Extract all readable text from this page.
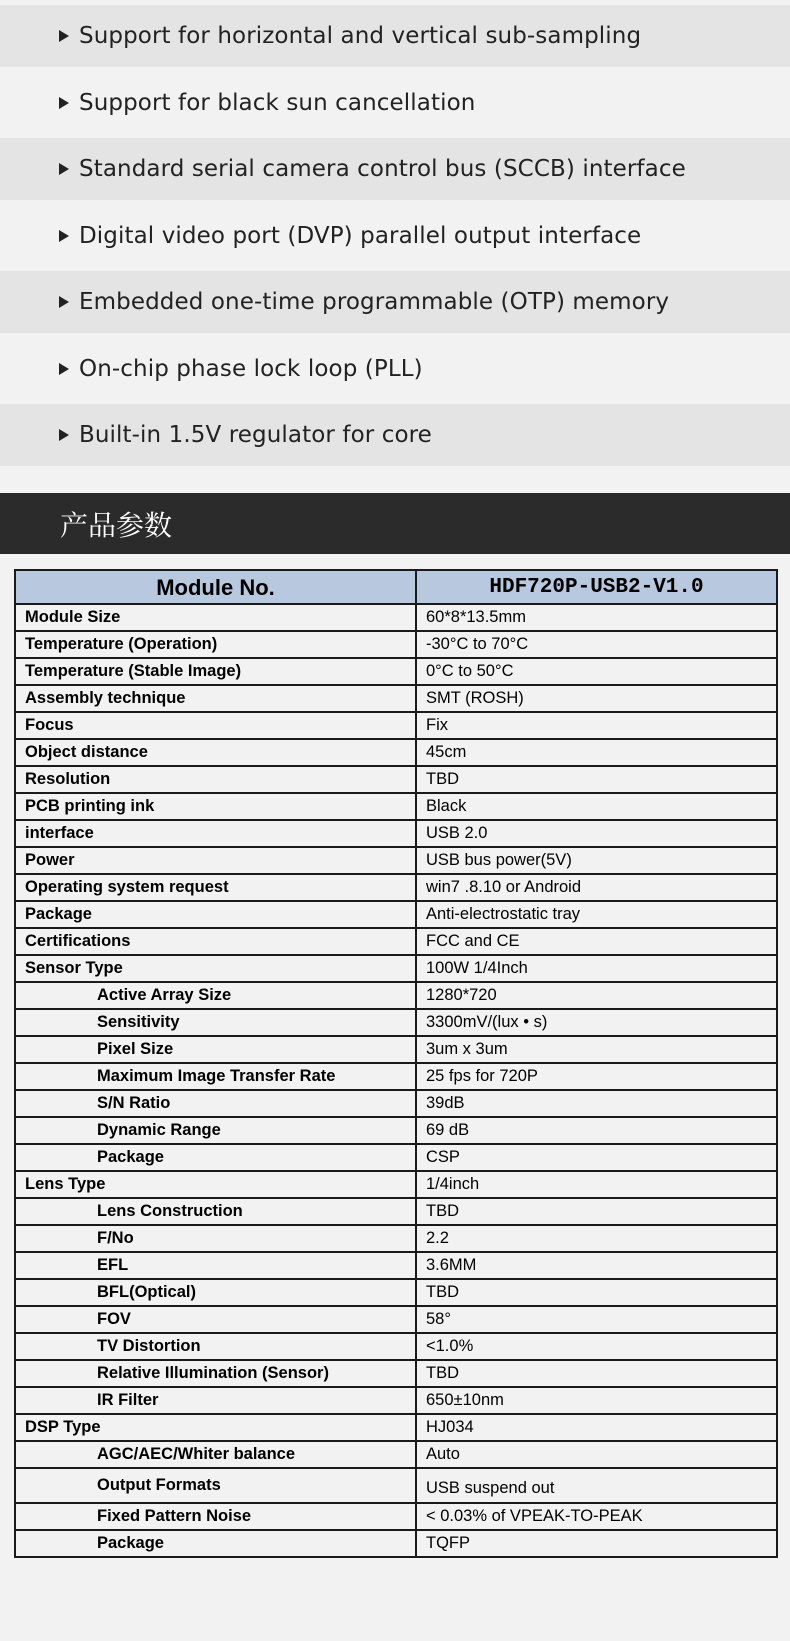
Support for horizontal and vertical sub-sampling
Support for black sun cancellation
Standard serial camera control bus (SCCB) interface
Digital video port (DVP) parallel output interface
Embedded one-time programmable (OTP) memory
On-chip phase lock loop (PLL)
Built-in 1.5V regulator for core
产品参数
Module No.	HDF720P-USB2-V1.0
Module Size	60*8*13.5mm
Temperature (Operation)	-30°C to 70°C
Temperature (Stable Image)	0°C to 50°C
Assembly technique	SMT (ROSH)
Focus	Fix
Object distance	45cm
Resolution	TBD
PCB printing ink	Black
interface	USB 2.0
Power	USB bus power(5V)
Operating system request	win7 .8.10 or Android
Package	Anti-electrostatic tray
Certifications	FCC and CE
Sensor Type	100W 1/4Inch
Active Array Size	1280*720
Sensitivity	3300mV/(lux • s)
Pixel Size	3um x 3um
Maximum Image Transfer Rate	25 fps for 720P
S/N Ratio	39dB
Dynamic Range	69 dB
Package	CSP
Lens Type	1/4inch
Lens Construction	TBD
F/No	2.2
EFL	3.6MM
BFL(Optical)	TBD
FOV	58°
TV Distortion	<1.0%
Relative Illumination (Sensor)	TBD
IR Filter	650±10nm
DSP Type	HJ034
AGC/AEC/Whiter balance	Auto
Output Formats	USB suspend out
Fixed Pattern Noise	< 0.03% of VPEAK-TO-PEAK
Package	TQFP
